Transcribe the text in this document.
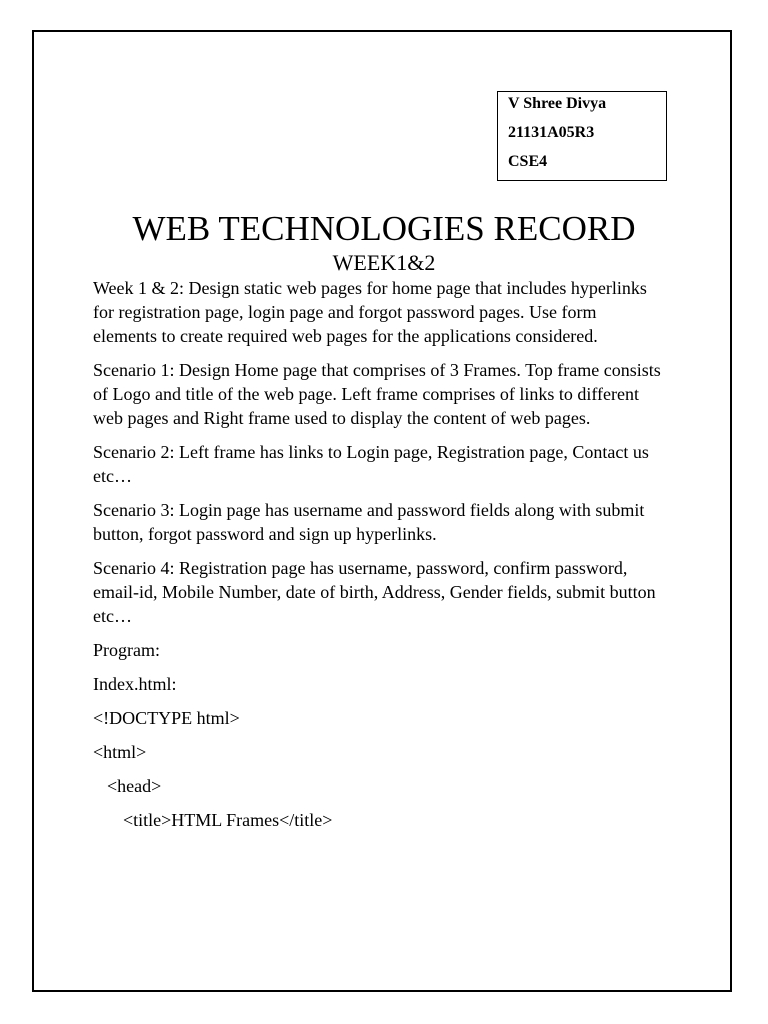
V Shree Divya
21131A05R3
CSE4
WEB TECHNOLOGIES RECORD
WEEK1&2

Week 1 & 2: Design static web pages for home page that includes hyperlinks for registration page, login page and forgot password pages. Use form elements to create required web pages for the applications considered.

Scenario 1: Design Home page that comprises of 3 Frames. Top frame consists of Logo and title of the web page. Left frame comprises of links to different web pages and Right frame used to display the content of web pages.

Scenario 2: Left frame has links to Login page, Registration page, Contact us etc…

Scenario 3: Login page has username and password fields along with submit button, forgot password and sign up hyperlinks.

Scenario 4: Registration page has username, password, confirm password, email-id, Mobile Number, date of birth, Address, Gender fields, submit button etc…

Program:
Index.html:
<!DOCTYPE html>
<html>
<head>
<title>HTML Frames</title>
